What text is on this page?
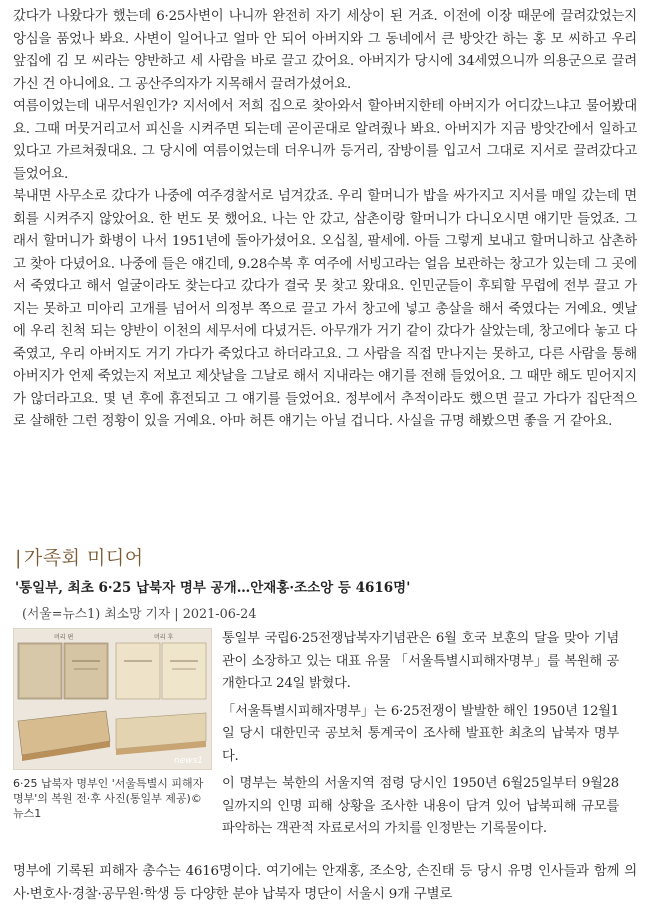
갔다가 나왔다가 했는데 6·25사변이 나니까 완전히 자기 세상이 된 거죠. 이전에 이장 때문에 끌려갔었는지 앙심을 품었나 봐요. 사변이 일어나고 얼마 안 되어 아버지와 그 동네에서 큰 방앗간 하는 홍 모 씨하고 우리 앞집에 김 모 씨라는 양반하고 세 사람을 바로 끌고 갔어요. 아버지가 당시에 34세였으니까 의용군으로 끌려가신 건 아니에요. 그 공산주의자가 지목해서 끌려가셨어요.

여름이었는데 내무서원인가? 지서에서 저희 집으로 찾아와서 할아버지한테 아버지가 어디갔느냐고 물어봤대요. 그때 머뭇거리고서 피신을 시켜주면 되는데 곧이곧대로 알려줬나 봐요. 아버지가 지금 방앗간에서 일하고 있다고 가르쳐줬대요. 그 당시에 여름이었는데 더우니까 등거리, 잠방이를 입고서 그대로 지서로 끌려갔다고 들었어요.

북내면 사무소로 갔다가 나중에 여주경찰서로 넘겨갔죠. 우리 할머니가 밥을 싸가지고 지서를 매일 갔는데 면회를 시켜주지 않았어요. 한 번도 못 했어요. 나는 안 갔고, 삼촌이랑 할머니가 다니오시면 얘기만 들었죠. 그래서 할머니가 화병이 나서 1951년에 돌아가셨어요. 오십칠, 팔세에. 아들 그렇게 보내고 할머니하고 삼촌하고 찾아 다녔어요. 나중에 들은 얘긴데, 9.28수복 후 여주에 서빙고라는 얼음 보관하는 창고가 있는데 그 곳에서 죽였다고 해서 얼굴이라도 찾는다고 갔다가 결국 못 찾고 왔대요. 인민군들이 후퇴할 무렵에 전부 끌고 가지는 못하고 미아리 고개를 넘어서 의정부 쪽으로 끌고 가서 창고에 넣고 총살을 해서 죽였다는 거예요. 옛날에 우리 친척 되는 양반이 이천의 세무서에 다녔거든. 아무개가 거기 같이 갔다가 살았는데, 창고에다 놓고 다 죽였고, 우리 아버지도 거기 가다가 죽었다고 하더라고요. 그 사람을 직접 만나지는 못하고, 다른 사람을 통해 아버지가 언제 죽었는지 저보고 제삿날을 그날로 해서 지내라는 얘기를 전해 들었어요. 그 때만 해도 믿어지지가 않더라고요. 몇 년 후에 휴전되고 그 얘기를 들었어요. 정부에서 추적이라도 했으면 끌고 가다가 집단적으로 살해한 그런 정황이 있을 거예요. 아마 허튼 얘기는 아닐 겁니다. 사실을 규명 해봤으면 좋을 거 같아요.

| 가족회 미디어
'통일부, 최초 6·25 납북자 명부 공개…안재홍·조소앙 등 4616명'
(서울=뉴스1) 최소망 기자 | 2021-06-24
머리 편	머리 후
news1
6·25 납북자 명부인 '서울특별시 피해자 명부'의 복원 전·후 사진(통일부 제공)© 뉴스1

통일부 국립6·25전쟁납북자기념관은 6월 호국 보훈의 달을 맞아 기념관이 소장하고 있는 대표 유물 「서울특별시피해자명부」를 복원해 공개한다고 24일 밝혔다.

「서울특별시피해자명부」는 6·25전쟁이 발발한 해인 1950년 12월1일 당시 대한민국 공보처 통계국이 조사해 발표한 최초의 납북자 명부다.

이 명부는 북한의 서울지역 점령 당시인 1950년 6월25일부터 9월28일까지의 인명 피해 상황을 조사한 내용이 담겨 있어 납북피해 규모를 파악하는 객관적 자료로서의 가치를 인정받는 기록물이다.

명부에 기록된 피해자 총수는 4616명이다. 여기에는 안재홍, 조소앙, 손진태 등 당시 유명 인사들과 함께 의사·변호사·경찰·공무원·학생 등 다양한 분야 납북자 명단이 서울시 9개 구별로
